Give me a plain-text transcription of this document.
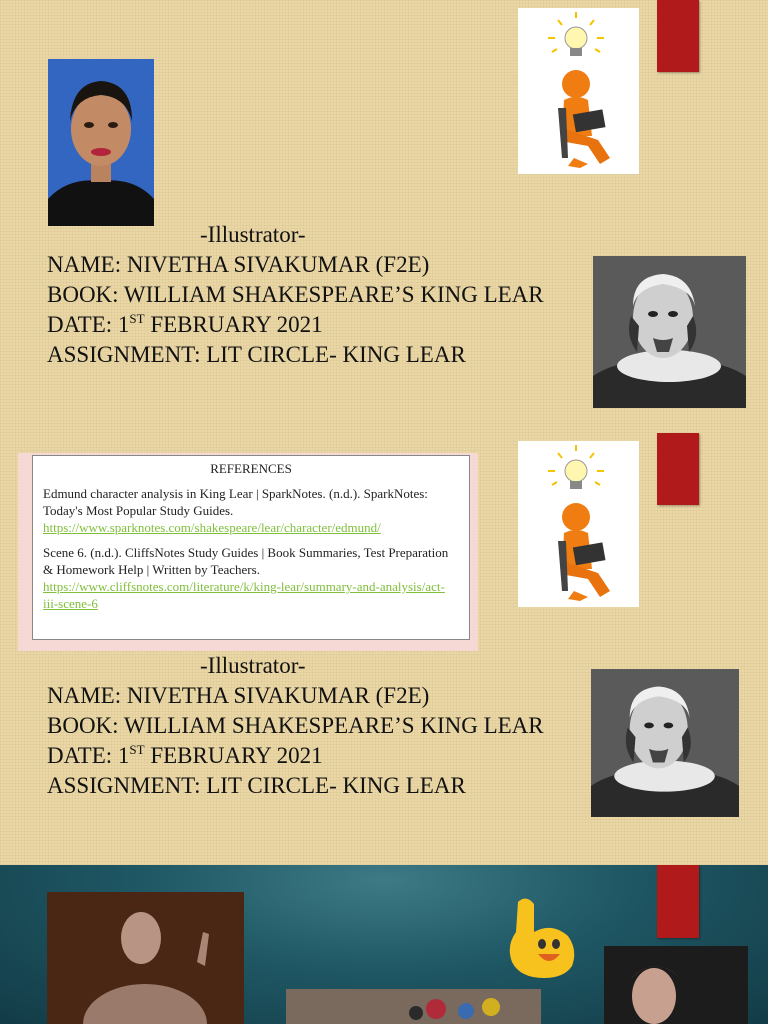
-Illustrator-
NAME: NIVETHA SIVAKUMAR (F2E)
BOOK: WILLIAM SHAKESPEARE’S KING LEAR
DATE: 1ST FEBRUARY 2021
ASSIGNMENT: LIT CIRCLE- KING LEAR
REFERENCES
Edmund character analysis in King Lear | SparkNotes. (n.d.). SparkNotes: Today's Most Popular Study Guides.
https://www.sparknotes.com/shakespeare/lear/character/edmund/
Scene 6. (n.d.). CliffsNotes Study Guides | Book Summaries, Test Preparation & Homework Help | Written by Teachers.
https://www.cliffsnotes.com/literature/k/king-lear/summary-and-analysis/act-iii-scene-6
-Illustrator-
NAME: NIVETHA SIVAKUMAR (F2E)
BOOK: WILLIAM SHAKESPEARE’S KING LEAR
DATE: 1ST FEBRUARY 2021
ASSIGNMENT: LIT CIRCLE- KING LEAR
